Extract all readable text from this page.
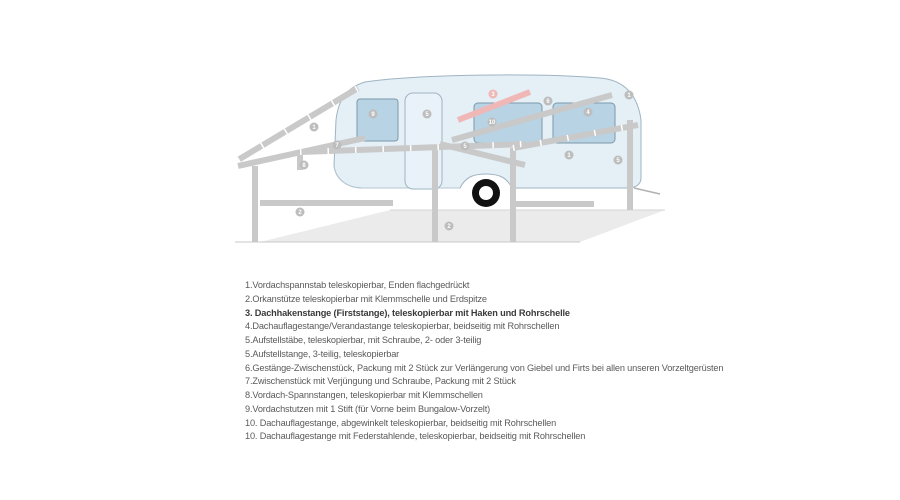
1
7
8
2
9	5
3
6
10
5
1
4
2
5
1
1.Vordachspannstab teleskopierbar, Enden flachgedrückt
2.Orkanstütze teleskopierbar mit Klemmschelle und Erdspitze
3. Dachhakenstange (Firststange), teleskopierbar mit Haken und Rohrschelle
4.Dachauflagestange/Verandastange teleskopierbar, beidseitig mit Rohrschellen
5.Aufstellstäbe, teleskopierbar, mit Schraube, 2- oder 3-teilig
5.Aufstellstange, 3-teilig, teleskopierbar
6.Gestänge-Zwischenstück, Packung mit 2 Stück zur Verlängerung von Giebel und Firts bei allen unseren Vorzeltgerüsten
7.Zwischenstück mit Verjüngung und Schraube, Packung mit 2 Stück
8.Vordach-Spannstangen, teleskopierbar mit Klemmschellen
9.Vordachstutzen mit 1 Stift (für Vorne beim Bungalow-Vorzelt)
10. Dachauflagestange, abgewinkelt teleskopierbar, beidseitig mit Rohrschellen
10. Dachauflagestange mit Federstahlende, teleskopierbar, beidseitig mit Rohrschellen
